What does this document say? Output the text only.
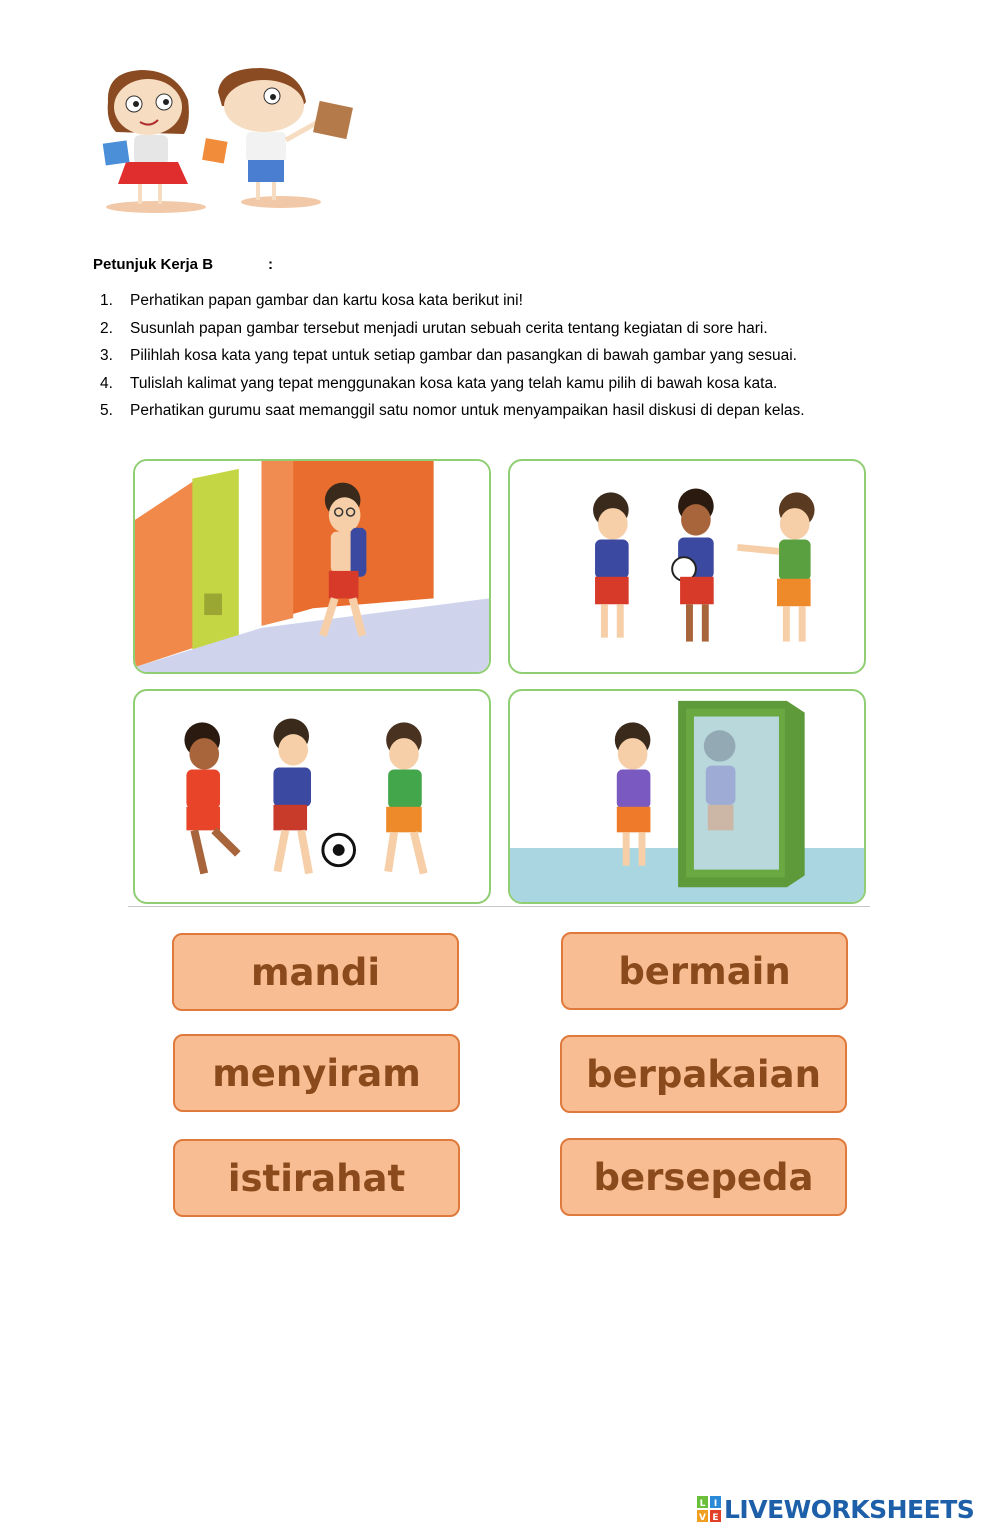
Petunjuk Kerja B	:
1. Perhatikan papan gambar dan kartu kosa kata berikut ini!
2. Susunlah papan gambar tersebut menjadi urutan sebuah cerita tentang kegiatan di sore hari.
3. Pilihlah kosa kata yang tepat untuk setiap gambar dan pasangkan di bawah gambar yang sesuai.
4. Tulislah kalimat yang tepat menggunakan kosa kata yang telah kamu pilih di bawah kosa kata.
5. Perhatikan gurumu saat memanggil satu nomor untuk menyampaikan hasil diskusi di depan kelas.
mandi	bermain
menyiram	berpakaian
istirahat	bersepeda
L I
V E LIVEWORKSHEETS
